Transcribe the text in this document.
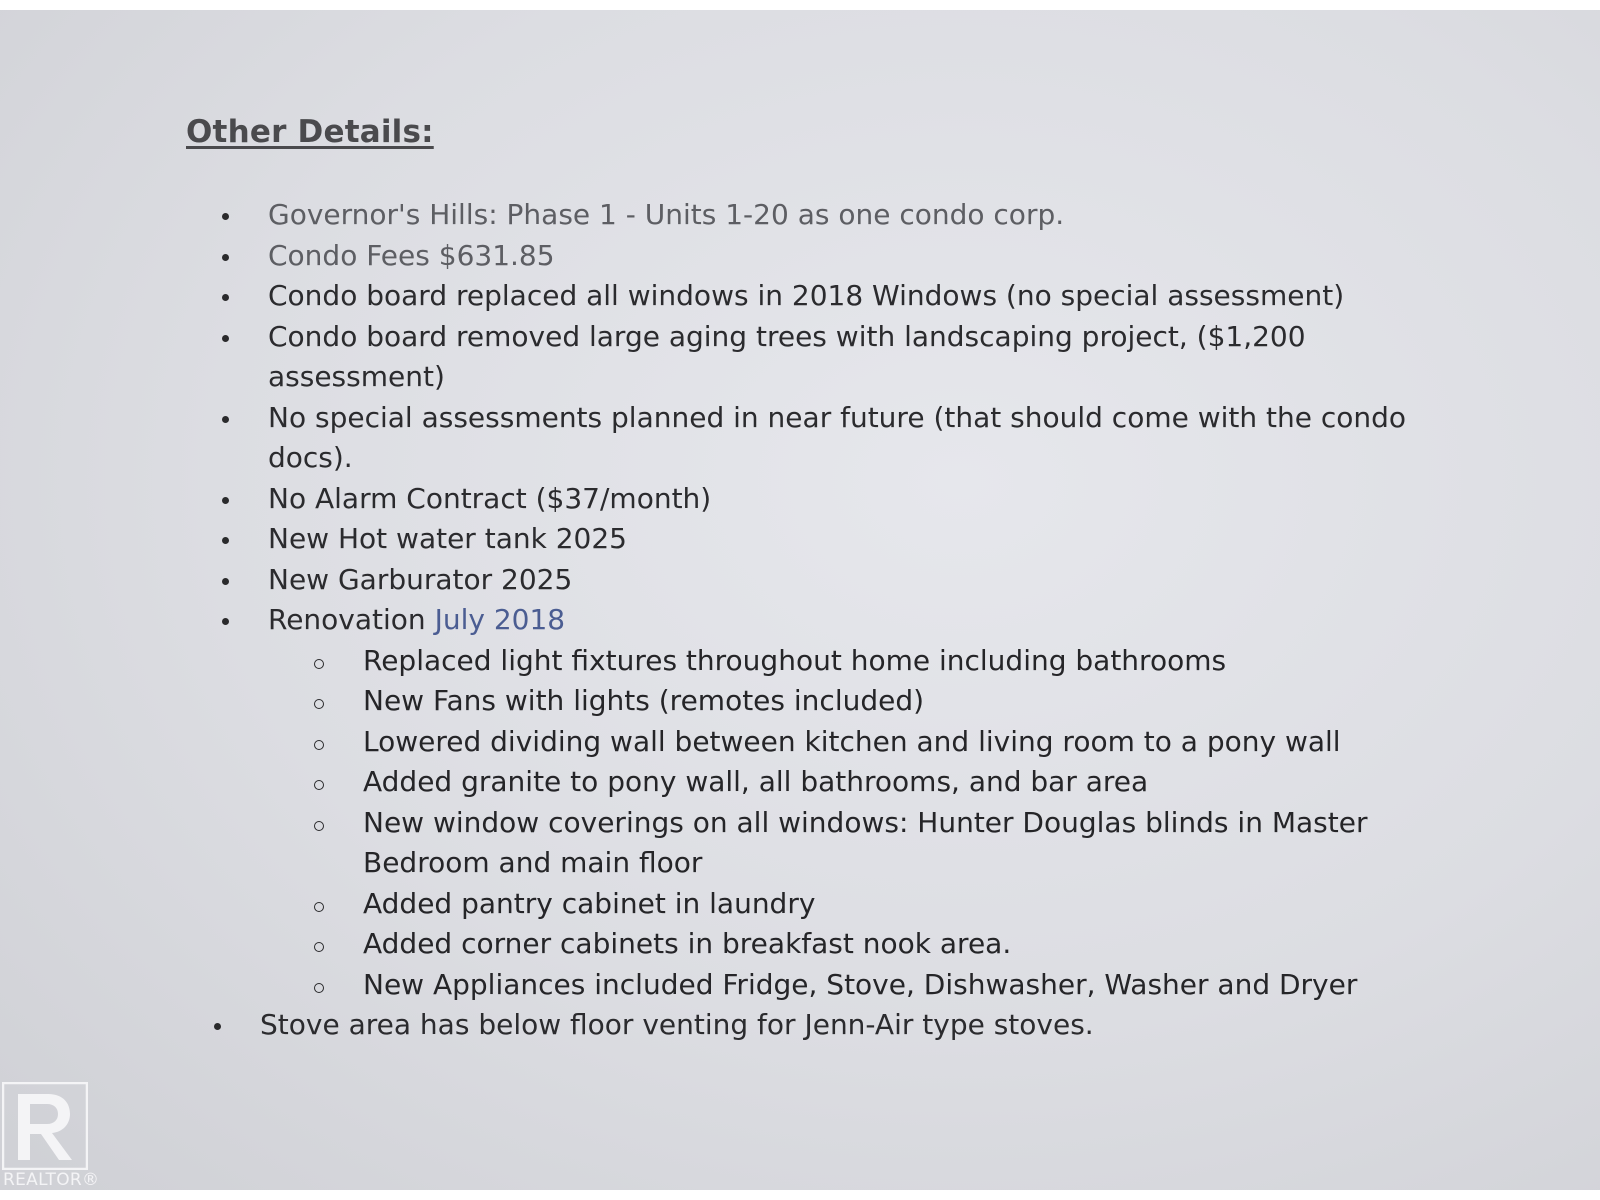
Other Details:
Governor's Hills: Phase 1 - Units 1-20 as one condo corp.
Condo Fees $631.85
Condo board replaced all windows in 2018 Windows (no special assessment)
Condo board removed large aging trees with landscaping project, ($1,200
assessment)
No special assessments planned in near future (that should come with the condo
docs).
No Alarm Contract ($37/month)
New Hot water tank 2025
New Garburator 2025
Renovation July 2018
Replaced light fixtures throughout home including bathrooms
New Fans with lights (remotes included)
Lowered dividing wall between kitchen and living room to a pony wall
Added granite to pony wall, all bathrooms, and bar area
New window coverings on all windows: Hunter Douglas blinds in Master
Bedroom and main floor
Added pantry cabinet in laundry
Added corner cabinets in breakfast nook area.
New Appliances included Fridge, Stove, Dishwasher, Washer and Dryer
Stove area has below floor venting for Jenn-Air type stoves.
REALTOR®
